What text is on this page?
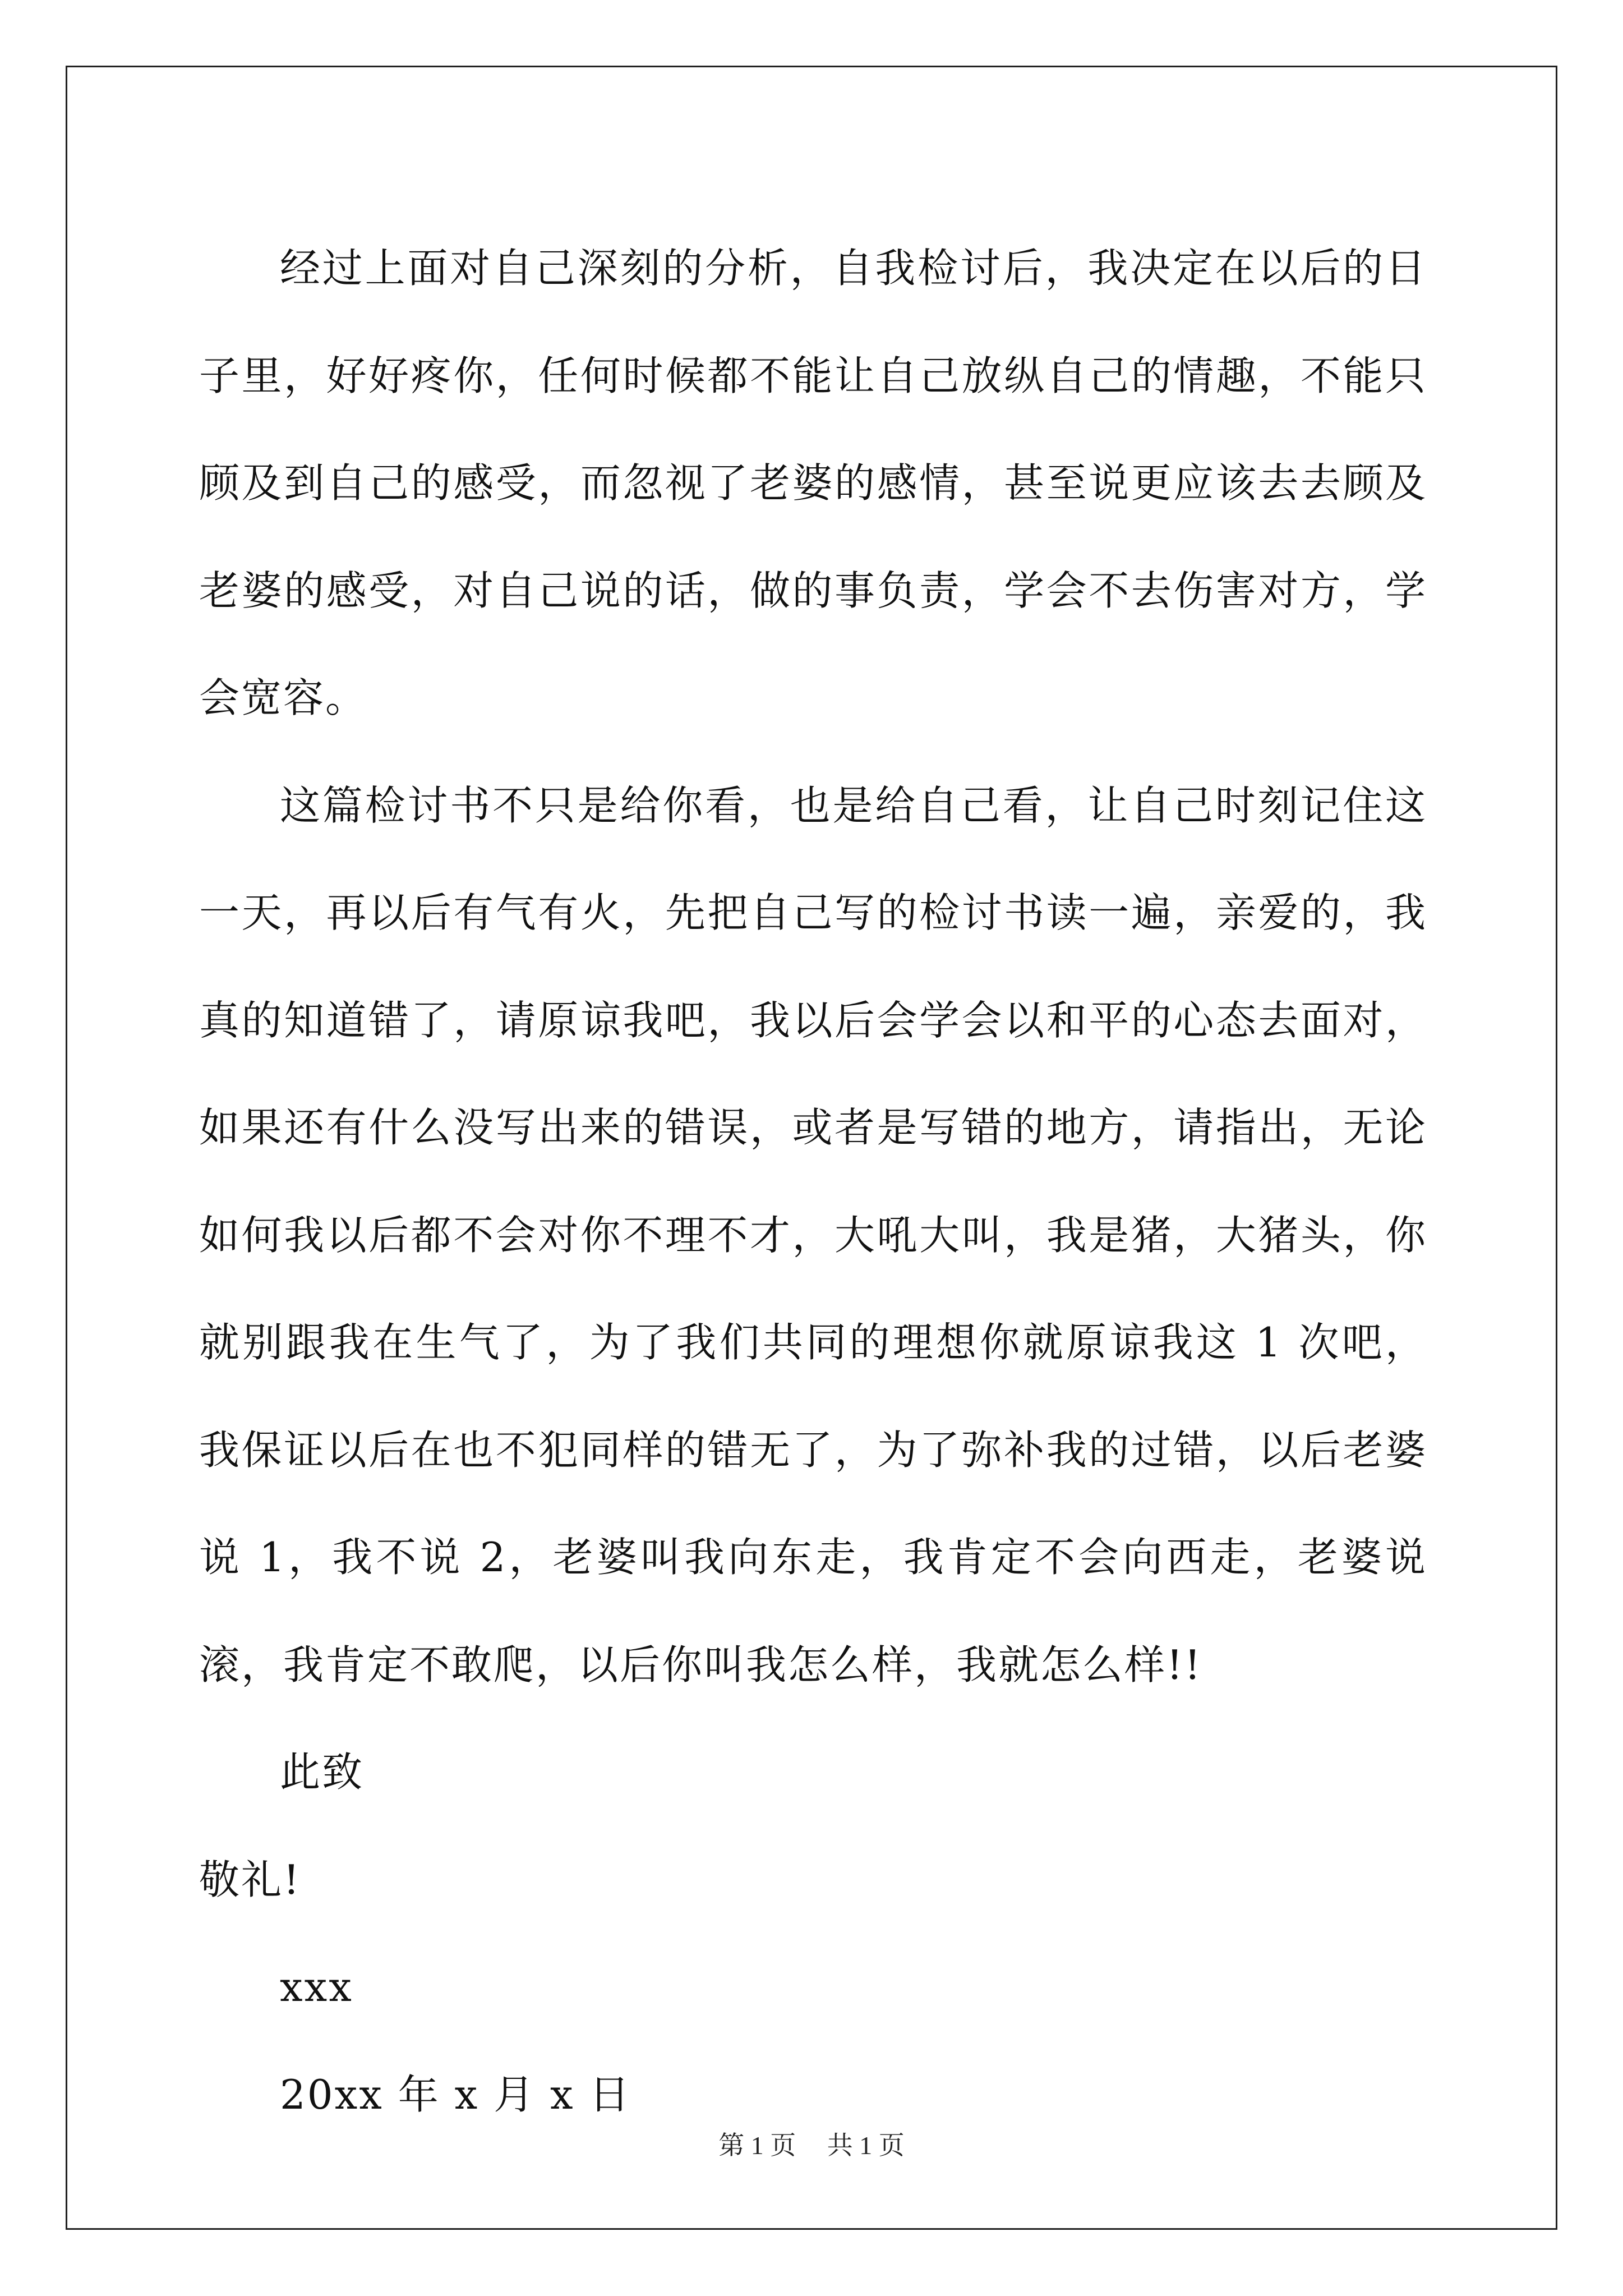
经过上面对自己深刻的分析，自我检讨后，我决定在以后的日子里，好好疼你，任何时候都不能让自己放纵自己的情趣，不能只顾及到自己的感受，而忽视了老婆的感情，甚至说更应该去去顾及老婆的感受，对自己说的话，做的事负责，学会不去伤害对方，学会宽容。

这篇检讨书不只是给你看，也是给自己看，让自己时刻记住这一天，再以后有气有火，先把自己写的检讨书读一遍，亲爱的，我真的知道错了，请原谅我吧，我以后会学会以和平的心态去面对，如果还有什么没写出来的错误，或者是写错的地方，请指出，无论如何我以后都不会对你不理不才，大吼大叫，我是猪，大猪头，你就别跟我在生气了，为了我们共同的理想你就原谅我这 1 次吧，我保证以后在也不犯同样的错无了，为了弥补我的过错，以后老婆说 1，我不说 2，老婆叫我向东走，我肯定不会向西走，老婆说滚，我肯定不敢爬，以后你叫我怎么样，我就怎么样!!

此致

敬礼!

xxx

20xx 年 x 月 x 日

第 1 页 共 1 页
